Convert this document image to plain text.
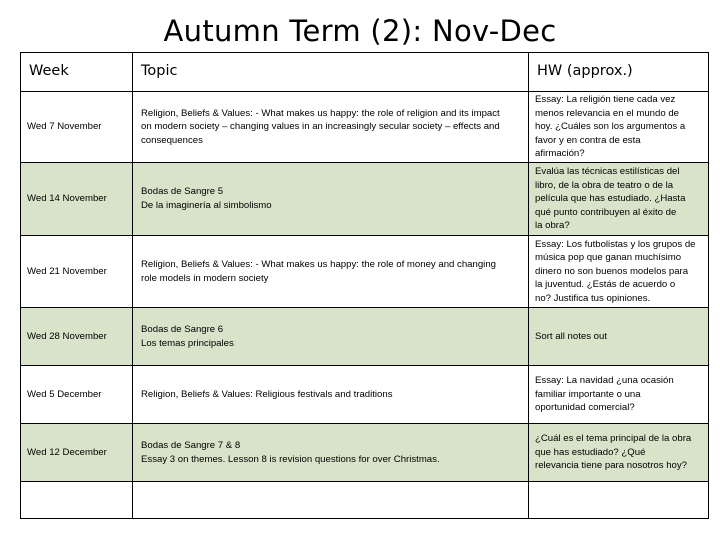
Autumn Term (2): Nov-Dec
Week	Topic	HW (approx.)
Wed 7 November	Religion, Beliefs & Values: - What makes us happy: the role of religion and its impact
on modern society – changing values in an increasingly secular society – effects and
consequences	Essay: La religión tiene cada vez
menos relevancia en el mundo de
hoy. ¿Cuáles son los argumentos a
favor y en contra de esta
afirmación?

Wed 14 November	Bodas de Sangre 5
De la imaginería al simbolismo	Evalúa las técnicas estilísticas del
libro, de la obra de teatro o de la
película que has estudiado. ¿Hasta
qué punto contribuyen al éxito de
la obra?

Wed 21 November	Religion, Beliefs & Values: - What makes us happy: the role of money and changing
role models in modern society	Essay: Los futbolistas y los grupos de
música pop que ganan muchísimo
dinero no son buenos modelos para
la juventud. ¿Estás de acuerdo o
no? Justifica tus opiniones.

Wed 28 November	Bodas de Sangre 6
Los temas principales	Sort all notes out

Wed 5 December	Religion, Beliefs & Values: Religious festivals and traditions	Essay: La navidad ¿una ocasión
familiar importante o una
oportunidad comercial?

Wed 12 December	Bodas de Sangre 7 & 8
Essay 3 on themes. Lesson 8 is revision questions for over Christmas.	¿Cuál es el tema principal de la obra
que has estudiado? ¿Qué
relevancia tiene para nosotros hoy?
